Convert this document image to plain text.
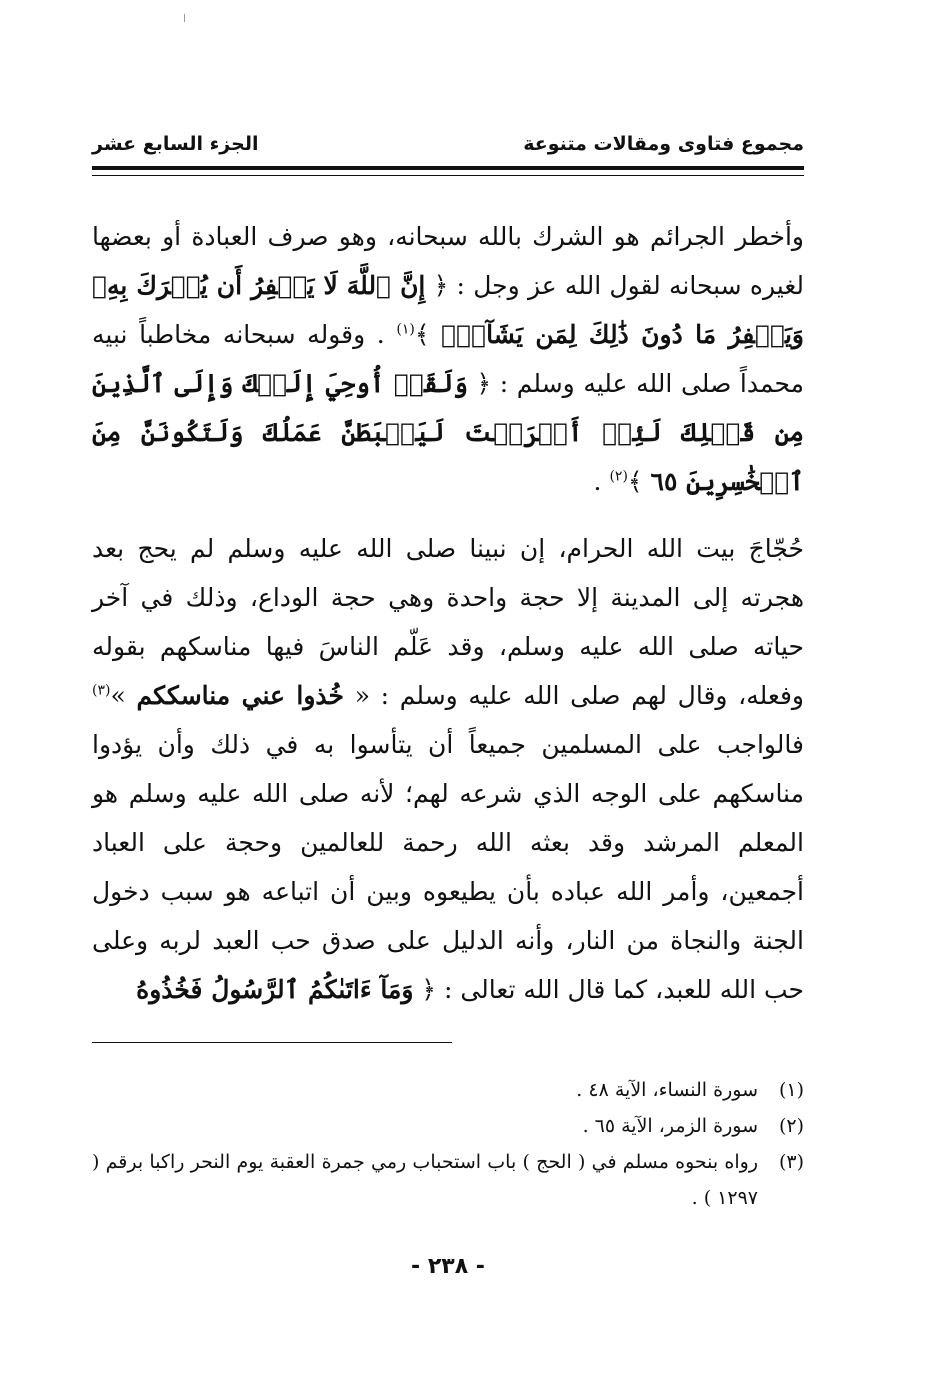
مجموع فتاوى ومقالات متنوعة
الجزء السابع عشر

وأخطر الجرائم هو الشرك بالله سبحانه، وهو صرف العبادة أو بعضها لغيره سبحانه لقول الله عز وجل : ﴿ إِنَّ ٱللَّهَ لَا يَغۡفِرُ أَن يُشۡرَكَ بِهِۦ وَيَغۡفِرُ مَا دُونَ ذَٰلِكَ لِمَن يَشَآءُۚ ﴾$^{(١)}$ . وقوله سبحانه مخاطباً نبيه محمداً صلى الله عليه وسلم : ﴿ وَلَقَدۡ أُوحِيَ إِلَيۡكَ وَإِلَى ٱلَّذِينَ مِن قَبۡلِكَ لَئِنۡ أَشۡرَكۡتَ لَيَحۡبَطَنَّ عَمَلُكَ وَلَتَكُونَنَّ مِنَ ٱلۡخَٰسِرِينَ ٦٥ ﴾$^{(٢)}$ .

حُجّاجَ بيت الله الحرام، إن نبينا صلى الله عليه وسلم لم يحج بعد هجرته إلى المدينة إلا حجة واحدة وهي حجة الوداع، وذلك في آخر حياته صلى الله عليه وسلم، وقد عَلّم الناسَ فيها مناسكهم بقوله وفعله، وقال لهم صلى الله عليه وسلم : « خُذوا عني مناسككم »$^{(٣)}$ فالواجب على المسلمين جميعاً أن يتأسوا به في ذلك وأن يؤدوا مناسكهم على الوجه الذي شرعه لهم؛ لأنه صلى الله عليه وسلم هو المعلم المرشد وقد بعثه الله رحمة للعالمين وحجة على العباد أجمعين، وأمر الله عباده بأن يطيعوه وبين أن اتباعه هو سبب دخول الجنة والنجاة من النار، وأنه الدليل على صدق حب العبد لربه وعلى حب الله للعبد، كما قال الله تعالى : ﴿ وَمَآ ءَاتَىٰكُمُ ٱلرَّسُولُ فَخُذُوهُ

(١)
سورة النساء، الآية ٤٨ .
(٢)
سورة الزمر، الآية ٦٥ .
(٣)
رواه بنحوه مسلم في ( الحج ) باب استحباب رمي جمرة العقبة يوم النحر راكبا برقم ( ١٢٩٧ ) .
- ٢٣٨ -
